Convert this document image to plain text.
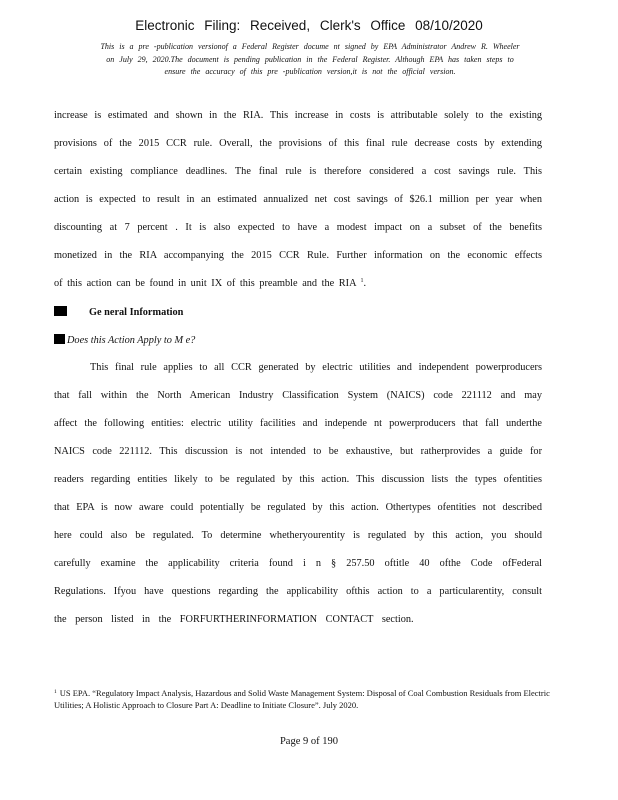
Electronic Filing: Received, Clerk's Office 08/10/2020
This is a pre -publication versionof a Federal Register docume nt signed by EPA Administrator Andrew R. Wheeler
on July 29, 2020.The document is pending publication in the Federal Register. Although EPA has taken steps to
ensure the accuracy of this pre -publication version,it is not the official version.
increase is estimated and shown in the RIA. This increase in costs is attributable solely to the existing
provisions of the 2015 CCR rule. Overall, the provisions of this final rule decrease costs by extending
certain existing compliance deadlines. The final rule is therefore considered a cost savings rule. This
action is expected to result in an estimated annualized net cost savings of $26.1 million per year when
discounting at 7 percent . It is also expected to have a modest impact on a subset of the benefits
monetized in the RIA accompanying the 2015 CCR Rule. Further information on the economic effects
of this action can be found in unit IX of this preamble and the RIA $^1$.
Ge neral Information
Does this Action Apply to M e?
This final rule applies to all CCR generated by electric utilities and independent powerproducers
that fall within the North American Industry Classification System (NAICS) code 221112 and may
affect the following entities: electric utility facilities and independe nt powerproducers that fall underthe
NAICS code 221112. This discussion is not intended to be exhaustive, but ratherprovides a guide for
readers regarding entities likely to be regulated by this action. This discussion lists the types ofentities
that EPA is now aware could potentially be regulated by this action. Othertypes ofentities not described
here could also be regulated. To determine whetheryourentity is regulated by this action, you should
carefully examine the applicability criteria found i n § 257.50 oftitle 40 ofthe Code ofFederal
Regulations. Ifyou have questions regarding the applicability ofthis action to a particularentity, consult
the person listed in the FORFURTHERINFORMATION CONTACT section.
$^1$ US EPA. “Regulatory Impact Analysis, Hazardous and Solid Waste Management System: Disposal of Coal Combustion Residuals from Electric Utilities; A Holistic Approach to Closure Part A: Deadline to Initiate Closure”. July 2020.
Page 9 of 190
